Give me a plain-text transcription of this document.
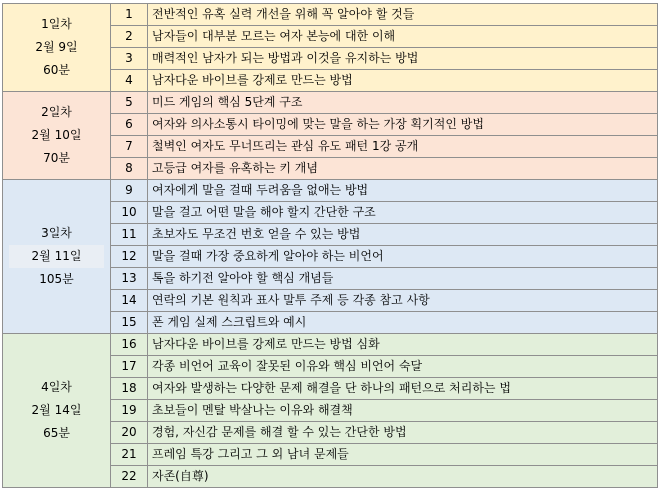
1일차
2월 9일
60분	1	전반적인 유혹 실력 개선을 위해 꼭 알아야 할 것들
	2	남자들이 대부분 모르는 여자 본능에 대한 이해
	3	매력적인 남자가 되는 방법과 이것을 유지하는 방법
	4	남자다운 바이브를 강제로 만드는 방법

2일차
2월 10일
70분	5	미드 게임의 핵심 5단계 구조
	6	여자와 의사소통시 타이밍에 맞는 말을 하는 가장 획기적인 방법
	7	철벽인 여자도 무너뜨리는 관심 유도 패턴 1강 공개
	8	고등급 여자를 유혹하는 키 개념

3일차
2월 11일
105분	9	여자에게 말을 걸때 두려움을 없애는 방법
	10	말을 걸고 어떤 말을 해야 할지 간단한 구조
	11	초보자도 무조건 번호 얻을 수 있는 방법
	12	말을 걸때 가장 중요하게 알아야 하는 비언어
	13	톡을 하기전 알아야 할 핵심 개념들
	14	연락의 기본 원칙과 표사 말투 주제 등 각종 참고 사항
	15	폰 게임 실제 스크립트와 예시

4일차
2월 14일
65분	16	남자다운 바이브를 강제로 만드는 방법 심화
	17	각종 비언어 교육이 잘못된 이유와 핵심 비언어 숙달
	18	여자와 발생하는 다양한 문제 해결을 단 하나의 패턴으로 처리하는 법
	19	초보들이 멘탈 박살나는 이유와 해결책
	20	경험, 자신감 문제를 해결 할 수 있는 간단한 방법
	21	프레임 특강 그리고 그 외 남녀 문제들
	22	자존(自尊)
